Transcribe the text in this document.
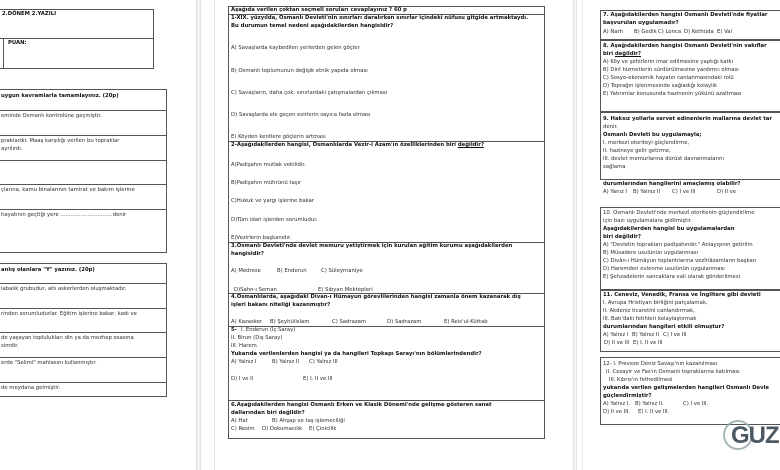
2.DÖNEM 2.YAZILI
PUAN:
uygun kavramlarla tamamlayınız. (20p)
eminde Osmanlı kontrolüne geçmiştir.
praklardır. Maaş karşılığı verilen bu topraklar
ayrılırdı.
çlarına, kamu binalarının tamirat ve bakım işlerine
hayatının geçtiği yere ...............................denir
anlış olanlara "Y" yazınız. (20p)
labalık grubudur, atlı askerlerden oluşmaktadır.
rinden sorumludurlar. Eğitim işlerine bakar, kadı ve
de yaşayan toplulukları din ya da mezhep esasına
simdir.
erde "Selimi" mahlasını kullanmıştır.
de meydana gelmiştir.
Aşağıda verilen çoktan seçmeli soruları cevaplayınız ? 60 p
1-XIX. yüzyılda, Osmanlı Devleti'nin sınırları daralırken sınırlar içindeki nüfusu gitgide artmaktaydı.
Bu durumun temel nedeni aşağıdakilerden hangisidir?
A) Savaşlarda kaybedilen yerlerden gelen göçler
B) Osmanlı toplumunun değişik etnik yapıda olması
C) Savaşların, daha çok, sınırlardaki çatışmalardan çıkması
D) Savaşlarda ele geçen esirlerin sayıca fazla olması
E) Köyden kentlere göçlerin artması
2-Aşağıdakilerden hangisi, Osmanlılarda Vezir-i Azam'ın özelliklerinden biri değildir?
A)Padişahın mutlak vekilidir.
B)Padişahın mührünü taşır
C)Hukuk ve yargı işlerine bakar
D)Tüm idari işlerden sorumludur.
E)Vezirlerin başkanıdır.
3.Osmanlı Devleti'nde devlet memuru yetiştirmek için kurulan eğitim kurumu aşağıdakilerden
hangisidir?
A) Medrese	B) Enderun	C) Süleymaniye
D)Sahn-ı Seman	E) Sıbyan Mektepleri
4.Osmanlılarda, aşağıdaki Divan-ı Hümayun görevlilerinden hangisi zamanla önem kazanarak dış
işleri bakanı niteliği kazanmıştır?
A) Kazasker B) Şeyhülislam	C) Sadrazam	D) Sadrazam	E) Reis'ul-Küttab
5- I. Enderun (İç Saray)
II. Birun (Dış Saray)
III. Harem
Yukarıda verilenlerden hangisi ya da hangileri Topkapı Sarayı'nın bölümlerindendir?
A) Yalnız I	B) Yalnız II C) Yalnız III
D) I ve II	E) I. II ve III
6.Aşağıdakilerden hangisi Osmanlı Erken ve Klasik Dönemi'nde gelişme gösteren sanat
dallarından biri değildir?
A) Hat	B) Ahşap ve taş işlemeciliği
C) Resim D) Dokumacılık E) Çinicilik
7. Aşağıdakilerden hangisi Osmanlı Devleti'nde fiyatlar
başvurulan uygulamadır?
A) Narh B) Gedik C) Lonca D) Kethüda E) Val
8. Aşağıdakilerden hangisi Osmanlı Devleti'nin vakıflar
biri değildir?
A) Köy ve şehirlerin imar edilmesine yaptığı katkı
B) Dinî hizmetlerin sürdürülmesine yardımcı olması
C) Sosyo-ekonomik hayatın canlanmasındaki rolü
D) Toprağın işlenmesinde sağladığı kolaylık
E) Yatırımlar konusunda hazinenin yükünü azaltması
9. Haksız yollarla servet edinenlerin mallarına devlet tar
denir.
Osmanlı Devleti bu uygulamayla;
I. merkezi otoriteyi güçlendirme,
II. hazineye gelir getirme,
III. devlet memurlarına dürüst davranmalarını
sağlama
durumlarından hangilerini amaçlamış olabilir?
A) Yanız I B) Yalnız II C) I ve III	D) II ve
10. Osmanlı Devleti'nde merkezî otoritenin güçlendirilme
için bazı uygulamalara gidilmiştir.
Aşağıdakilerden hangisi bu uygulamalardan
biri değildir?
A) "Devletin toprakları padişahındır." Anlayışının getirilm
B) Müsadere usulünün uygulanması
C) Divân-ı Hümâyun toplantılarına vezîriâzamların başkan
D) Haremden evlenme usulünün uygulanması
E) Şehzadelerin sancaklara vali olarak gönderilmesi
11. Ceneviz, Venedik, Fransa ve İngiltere gibi devletl
I. Avrupa Hristiyan birliğini parçalamak,
II. Akdeniz ticaretini canlandırmak,
III. Batı'daki fetihleri kolaylaştırmak
durumlarından hangileri etkili olmuştur?
A) Yalnız I B) Yalnız II C) I ve III
D) II ve III E) I, II ve III
12- I. Preveze Deniz Savaşı'nın kazanılması
II. Cezayir ve Fas'ın Osmanlı topraklarına katılması
III. Kıbrıs'ın fethedilmesi
yukarıda verilen gelişmelerden hangileri Osmanlı Devle
güçlendirmiştir?
A) Yalnız I. B) Yalnız II.	C) I ve III.
D) II ve III. E) I. II ve III.
GUZ
